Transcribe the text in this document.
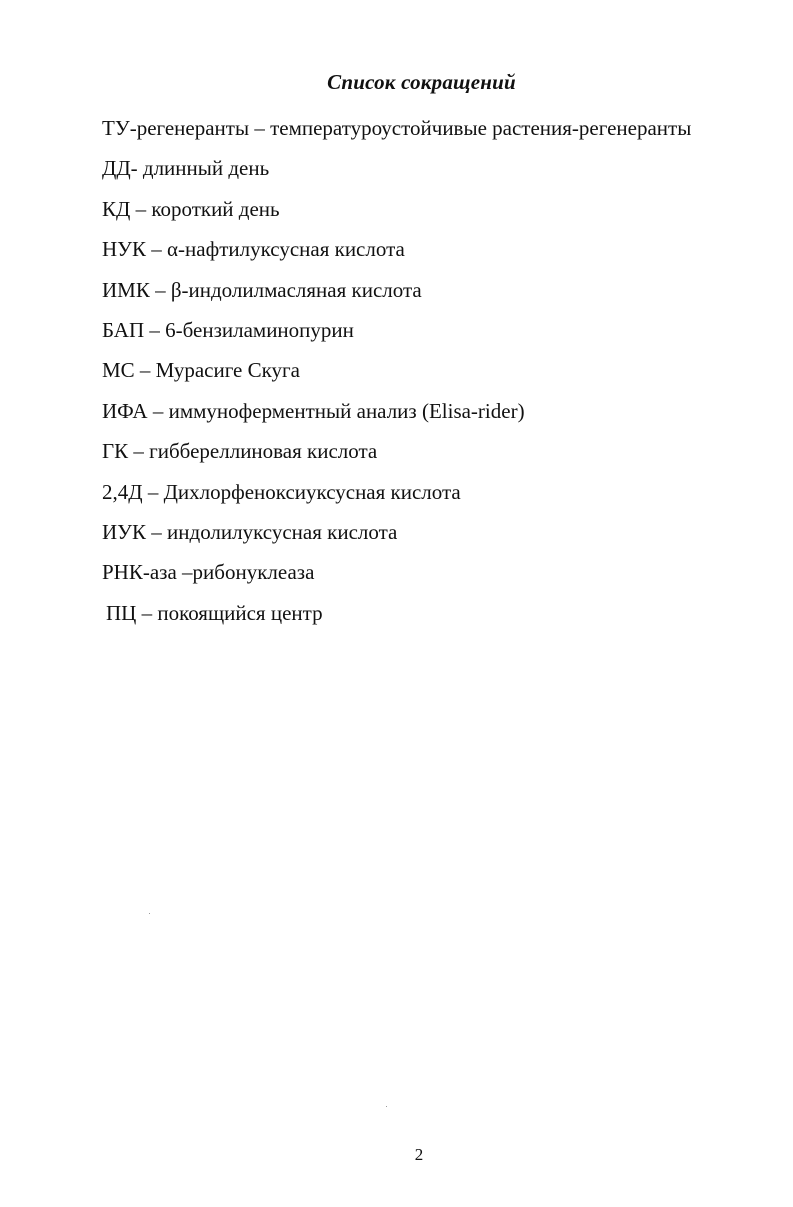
Список сокращений
ТУ-регенеранты – температуроустойчивые растения-регенеранты
ДД- длинный день
КД – короткий день
НУК – α-нафтилуксусная кислота
ИМК – β-индолилмасляная кислота
БАП – 6-бензиламинопурин
МС – Мурасиге Скуга
ИФА – иммуноферментный анализ (Elisa-rider)
ГК – гиббереллиновая кислота
2,4Д – Дихлорфеноксиуксусная кислота
ИУК – индолилуксусная кислота
РНК-аза –рибонуклеаза
ПЦ – покоящийся центр
2
